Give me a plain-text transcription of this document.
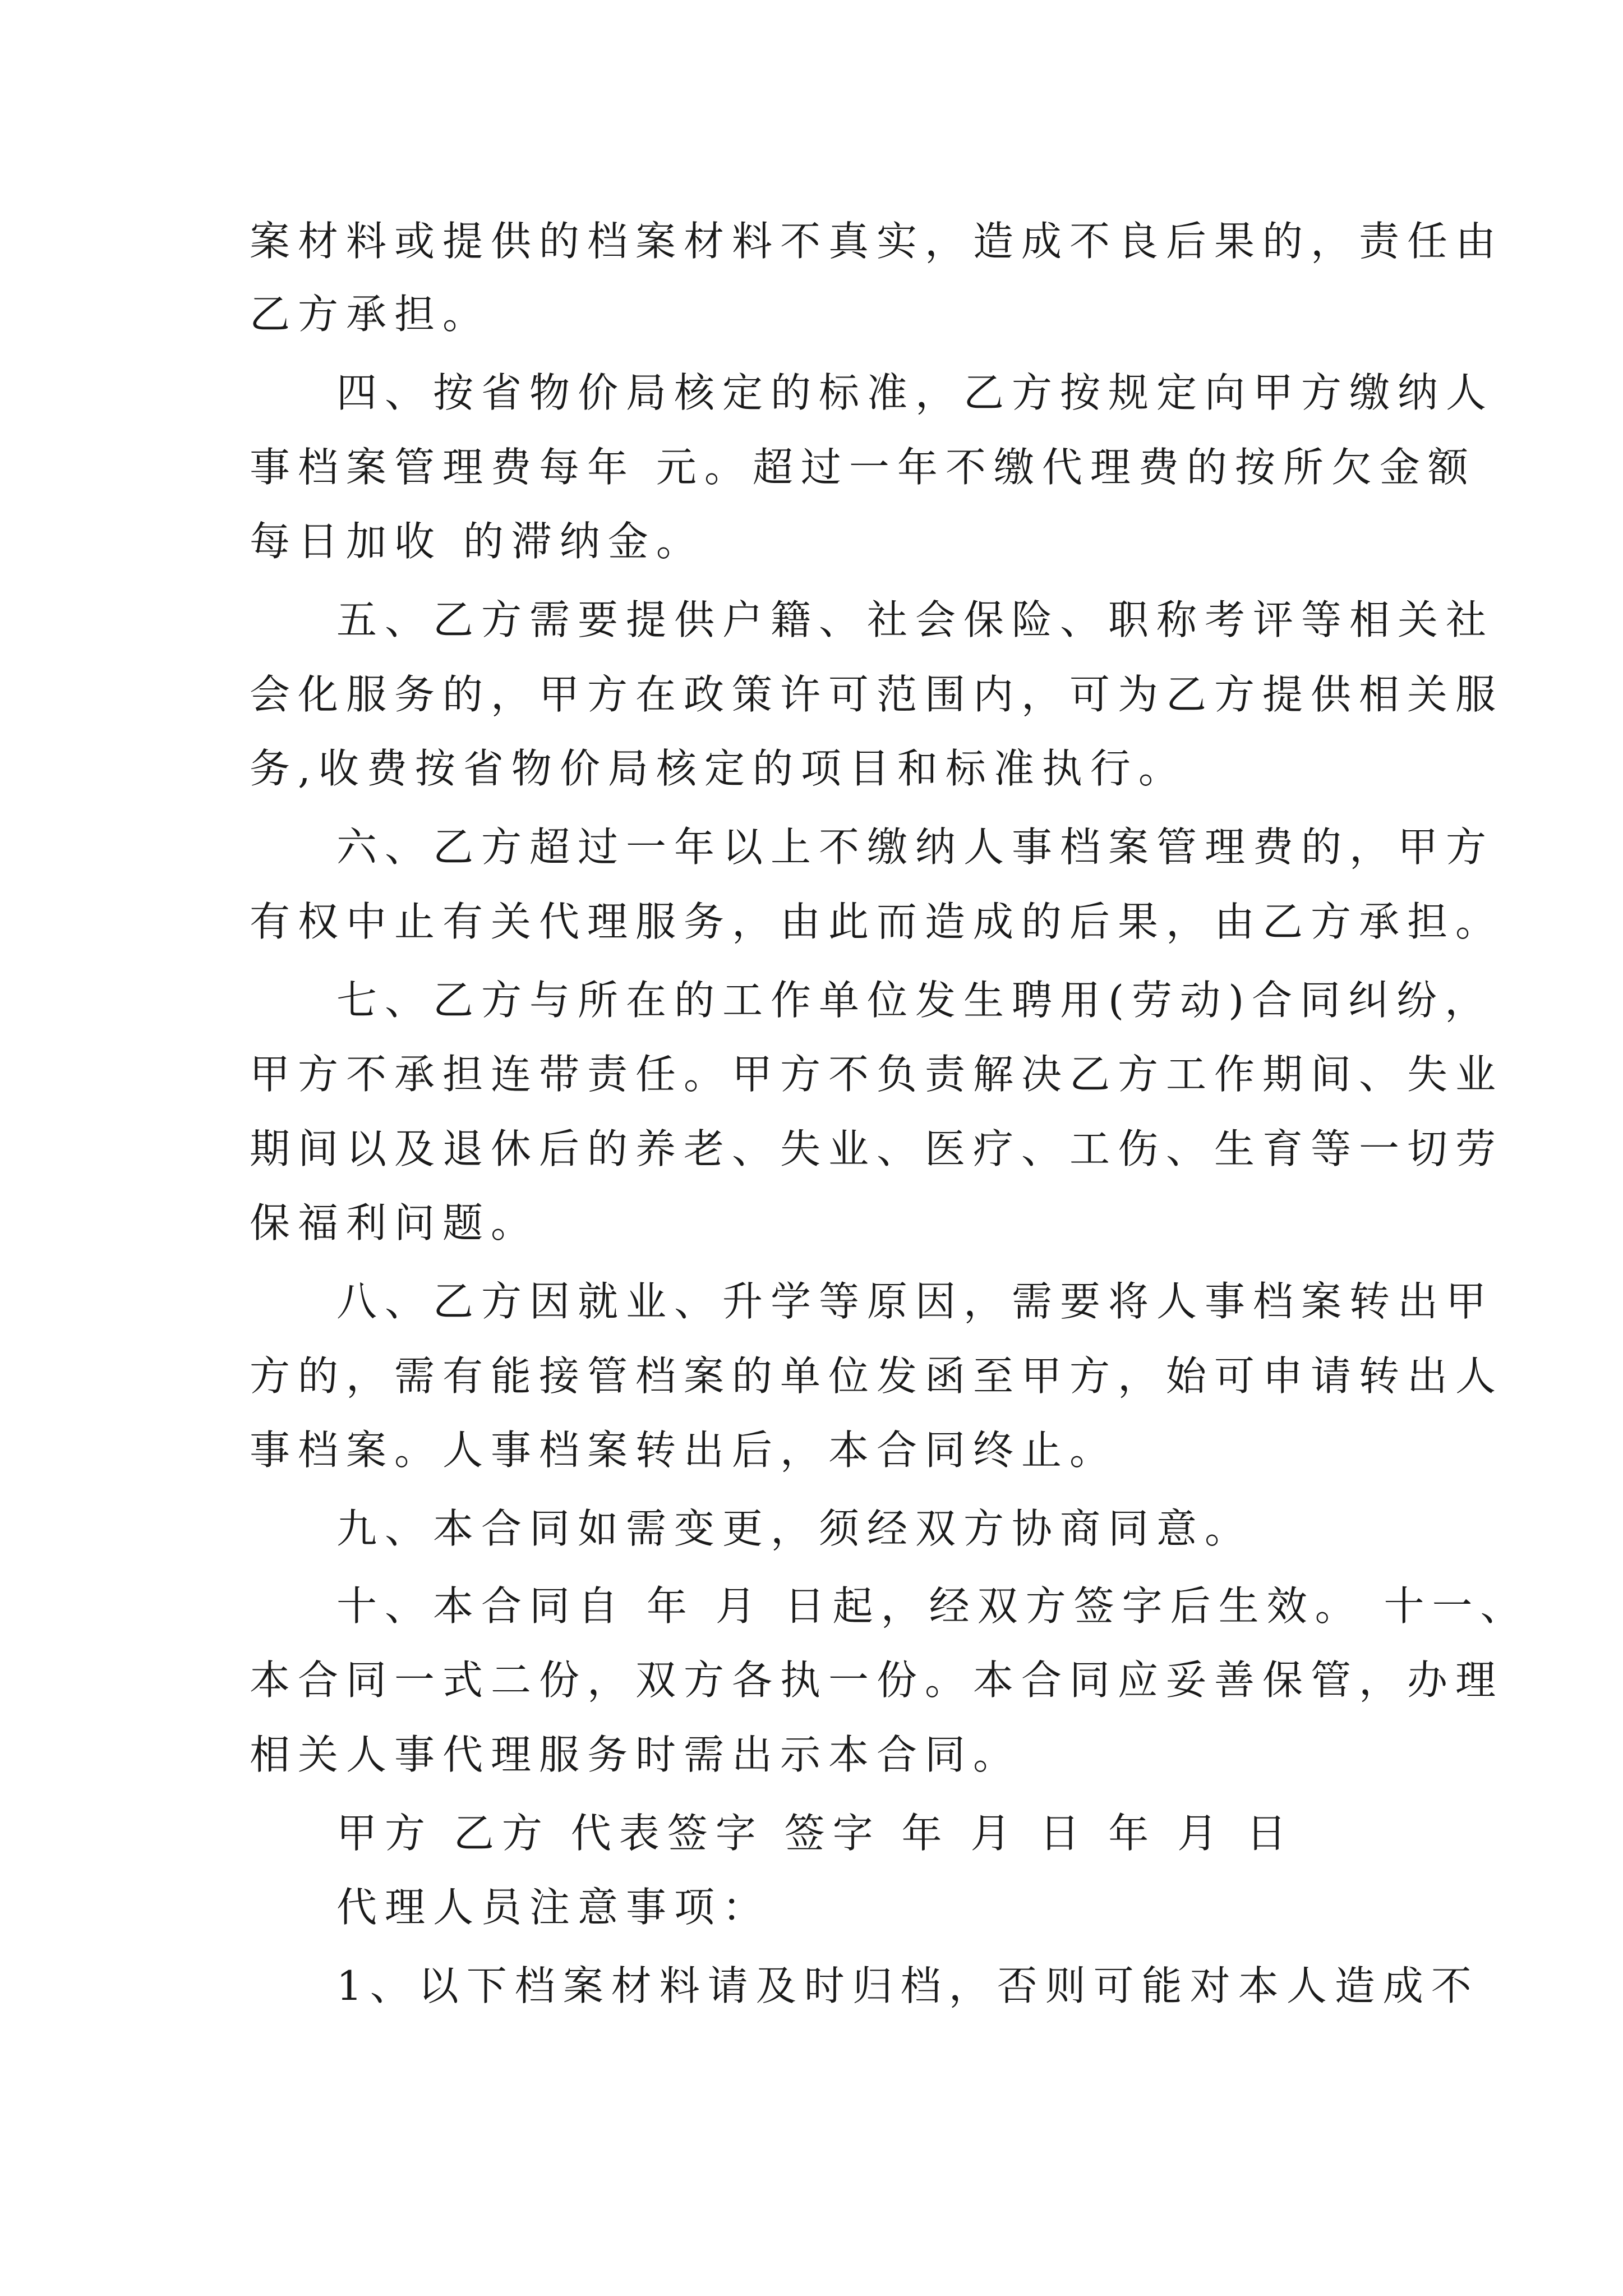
案材料或提供的档案材料不真实，造成不良后果的，责任由
乙方承担。
四、按省物价局核定的标准，乙方按规定向甲方缴纳人
事档案管理费每年 元。超过一年不缴代理费的按所欠金额
每日加收 的滞纳金。
五、乙方需要提供户籍、社会保险、职称考评等相关社
会化服务的，甲方在政策许可范围内，可为乙方提供相关服
务,收费按省物价局核定的项目和标准执行。
六、乙方超过一年以上不缴纳人事档案管理费的，甲方
有权中止有关代理服务，由此而造成的后果，由乙方承担。
七、乙方与所在的工作单位发生聘用(劳动)合同纠纷，
甲方不承担连带责任。甲方不负责解决乙方工作期间、失业
期间以及退休后的养老、失业、医疗、工伤、生育等一切劳
保福利问题。
八、乙方因就业、升学等原因，需要将人事档案转出甲
方的，需有能接管档案的单位发函至甲方，始可申请转出人
事档案。人事档案转出后，本合同终止。
九、本合同如需变更，须经双方协商同意。
十、本合同自 年 月 日起，经双方签字后生效。 十一、
本合同一式二份，双方各执一份。本合同应妥善保管，办理
相关人事代理服务时需出示本合同。
甲方 乙方 代表签字 签字 年 月 日 年 月 日
代理人员注意事项：
1、以下档案材料请及时归档，否则可能对本人造成不
